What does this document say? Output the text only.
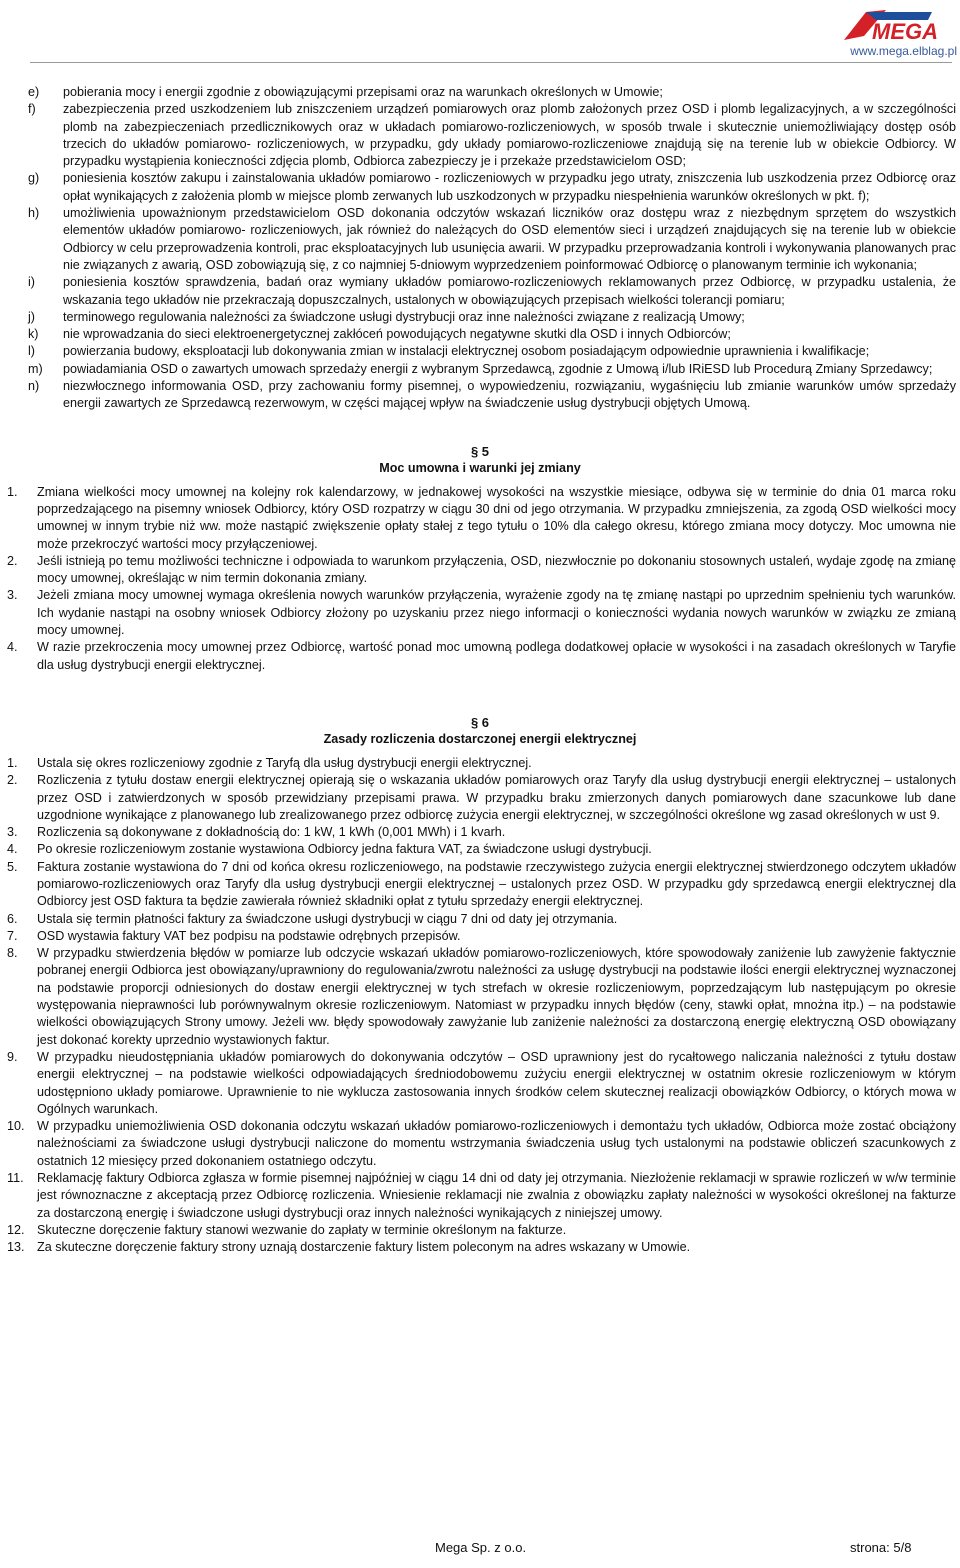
MEGA
www.mega.elblag.pl
e) pobierania mocy i energii zgodnie z obowiązującymi przepisami oraz na warunkach określonych w Umowie;
f) zabezpieczenia przed uszkodzeniem lub zniszczeniem urządzeń pomiarowych oraz plomb założonych przez OSD i plomb legalizacyjnych, a w szczególności plomb na zabezpieczeniach przedlicznikowych oraz w układach pomiarowo-rozliczeniowych, w sposób trwale i skutecznie uniemożliwiający dostęp osób trzecich do układów pomiarowo- rozliczeniowych, w przypadku, gdy układy pomiarowo-rozliczeniowe znajdują się na terenie lub w obiekcie Odbiorcy. W przypadku wystąpienia konieczności zdjęcia plomb, Odbiorca zabezpieczy je i przekaże przedstawicielom OSD;
g) poniesienia kosztów zakupu i zainstalowania układów pomiarowo - rozliczeniowych w przypadku jego utraty, zniszczenia lub uszkodzenia przez Odbiorcę oraz opłat wynikających z założenia plomb w miejsce plomb zerwanych lub uszkodzonych w przypadku niespełnienia warunków określonych w pkt. f);
h) umożliwienia upoważnionym przedstawicielom OSD dokonania odczytów wskazań liczników oraz dostępu wraz z niezbędnym sprzętem do wszystkich elementów układów pomiarowo- rozliczeniowych, jak również do należących do OSD elementów sieci i urządzeń znajdujących się na terenie lub w obiekcie Odbiorcy w celu przeprowadzenia kontroli, prac eksploatacyjnych lub usunięcia awarii. W przypadku przeprowadzania kontroli i wykonywania planowanych prac nie związanych z awarią, OSD zobowiązują się, z co najmniej 5-dniowym wyprzedzeniem poinformować Odbiorcę o planowanym terminie ich wykonania;
i) poniesienia kosztów sprawdzenia, badań oraz wymiany układów pomiarowo-rozliczeniowych reklamowanych przez Odbiorcę, w przypadku ustalenia, że wskazania tego układów nie przekraczają dopuszczalnych, ustalonych w obowiązujących przepisach wielkości tolerancji pomiaru;
j) terminowego regulowania należności za świadczone usługi dystrybucji oraz inne należności związane z realizacją Umowy;
k) nie wprowadzania do sieci elektroenergetycznej zakłóceń powodujących negatywne skutki dla OSD i innych Odbiorców;
l) powierzania budowy, eksploatacji lub dokonywania zmian w instalacji elektrycznej osobom posiadającym odpowiednie uprawnienia i kwalifikacje;
m) powiadamiania OSD o zawartych umowach sprzedaży energii z wybranym Sprzedawcą, zgodnie z Umową i/lub IRiESD lub Procedurą Zmiany Sprzedawcy;
n) niezwłocznego informowania OSD, przy zachowaniu formy pisemnej, o wypowiedzeniu, rozwiązaniu, wygaśnięciu lub zmianie warunków umów sprzedaży energii zawartych ze Sprzedawcą rezerwowym, w części mającej wpływ na świadczenie usług dystrybucji objętych Umową.
§ 5
Moc umowna i warunki jej zmiany
1. Zmiana wielkości mocy umownej na kolejny rok kalendarzowy, w jednakowej wysokości na wszystkie miesiące, odbywa się w terminie do dnia 01 marca roku poprzedzającego na pisemny wniosek Odbiorcy, który OSD rozpatrzy w ciągu 30 dni od jego otrzymania. W przypadku zmniejszenia, za zgodą OSD wielkości mocy umownej w innym trybie niż ww. może nastąpić zwiększenie opłaty stałej z tego tytułu o 10% dla całego okresu, którego zmiana mocy dotyczy. Moc umowna nie może przekroczyć wartości mocy przyłączeniowej.
2. Jeśli istnieją po temu możliwości techniczne i odpowiada to warunkom przyłączenia, OSD, niezwłocznie po dokonaniu stosownych ustaleń, wydaje zgodę na zmianę mocy umownej, określając w nim termin dokonania zmiany.
3. Jeżeli zmiana mocy umownej wymaga określenia nowych warunków przyłączenia, wyrażenie zgody na tę zmianę nastąpi po uprzednim spełnieniu tych warunków. Ich wydanie nastąpi na osobny wniosek Odbiorcy złożony po uzyskaniu przez niego informacji o konieczności wydania nowych warunków w związku ze zmianą mocy umownej.
4. W razie przekroczenia mocy umownej przez Odbiorcę, wartość ponad moc umowną podlega dodatkowej opłacie w wysokości i na zasadach określonych w Taryfie dla usług dystrybucji energii elektrycznej.
§ 6
Zasady rozliczenia dostarczonej energii elektrycznej
1. Ustala się okres rozliczeniowy zgodnie z Taryfą dla usług dystrybucji energii elektrycznej.
2. Rozliczenia z tytułu dostaw energii elektrycznej opierają się o wskazania układów pomiarowych oraz Taryfy dla usług dystrybucji energii elektrycznej – ustalonych przez OSD i zatwierdzonych w sposób przewidziany przepisami prawa. W przypadku braku zmierzonych danych pomiarowych dane szacunkowe lub dane uzgodnione wynikające z planowanego lub zrealizowanego przez odbiorcę zużycia energii elektrycznej, w szczególności określone wg zasad określonych w ust 9.
3. Rozliczenia są dokonywane z dokładnością do: 1 kW, 1 kWh (0,001 MWh) i 1 kvarh.
4. Po okresie rozliczeniowym zostanie wystawiona Odbiorcy jedna faktura VAT, za świadczone usługi dystrybucji.
5. Faktura zostanie wystawiona do 7 dni od końca okresu rozliczeniowego, na podstawie rzeczywistego zużycia energii elektrycznej stwierdzonego odczytem układów pomiarowo-rozliczeniowych oraz Taryfy dla usług dystrybucji energii elektrycznej – ustalonych przez OSD. W przypadku gdy sprzedawcą energii elektrycznej dla Odbiorcy jest OSD faktura ta będzie zawierała również składniki opłat z tytułu sprzedaży energii elektrycznej.
6. Ustala się termin płatności faktury za świadczone usługi dystrybucji w ciągu 7 dni od daty jej otrzymania.
7. OSD wystawia faktury VAT bez podpisu na podstawie odrębnych przepisów.
8. W przypadku stwierdzenia błędów w pomiarze lub odczycie wskazań układów pomiarowo-rozliczeniowych, które spowodowały zaniżenie lub zawyżenie faktycznie pobranej energii Odbiorca jest obowiązany/uprawniony do regulowania/zwrotu należności za usługę dystrybucji na podstawie ilości energii elektrycznej wyznaczonej na podstawie proporcji odniesionych do dostaw energii elektrycznej w tych strefach w okresie rozliczeniowym, poprzedzającym lub następującym po okresie występowania nieprawności lub porównywalnym okresie rozliczeniowym. Natomiast w przypadku innych błędów (ceny, stawki opłat, mnożna itp.) – na podstawie wielkości obowiązujących Strony umowy. Jeżeli ww. błędy spowodowały zawyżanie lub zaniżenie należności za dostarczoną energię elektryczną OSD obowiązany jest dokonać korekty uprzednio wystawionych faktur.
9. W przypadku nieudostępniania układów pomiarowych do dokonywania odczytów – OSD uprawniony jest do rycałtowego naliczania należności z tytułu dostaw energii elektrycznej – na podstawie wielkości odpowiadających średniodobowemu zużyciu energii elektrycznej w ostatnim okresie rozliczeniowym w którym udostępniono układy pomiarowe. Uprawnienie to nie wyklucza zastosowania innych środków celem skutecznej realizacji obowiązków Odbiorcy, o których mowa w Ogólnych warunkach.
10. W przypadku uniemożliwienia OSD dokonania odczytu wskazań układów pomiarowo-rozliczeniowych i demontażu tych układów, Odbiorca może zostać obciążony należnościami za świadczone usługi dystrybucji naliczone do momentu wstrzymania świadczenia usług tych ustalonymi na podstawie obliczeń szacunkowych z ostatnich 12 miesięcy przed dokonaniem ostatniego odczytu.
11. Reklamację faktury Odbiorca zgłasza w formie pisemnej najpóźniej w ciągu 14 dni od daty jej otrzymania. Niezłożenie reklamacji w sprawie rozliczeń w w/w terminie jest równoznaczne z akceptacją przez Odbiorcę rozliczenia. Wniesienie reklamacji nie zwalnia z obowiązku zapłaty należności w wysokości określonej na fakturze za dostarczoną energię i świadczone usługi dystrybucji oraz innych należności wynikających z niniejszej umowy.
12. Skuteczne doręczenie faktury stanowi wezwanie do zapłaty w terminie określonym na fakturze.
13. Za skuteczne doręczenie faktury strony uznają dostarczenie faktury listem poleconym na adres wskazany w Umowie.
Mega Sp. z o.o.	strona: 5/8
